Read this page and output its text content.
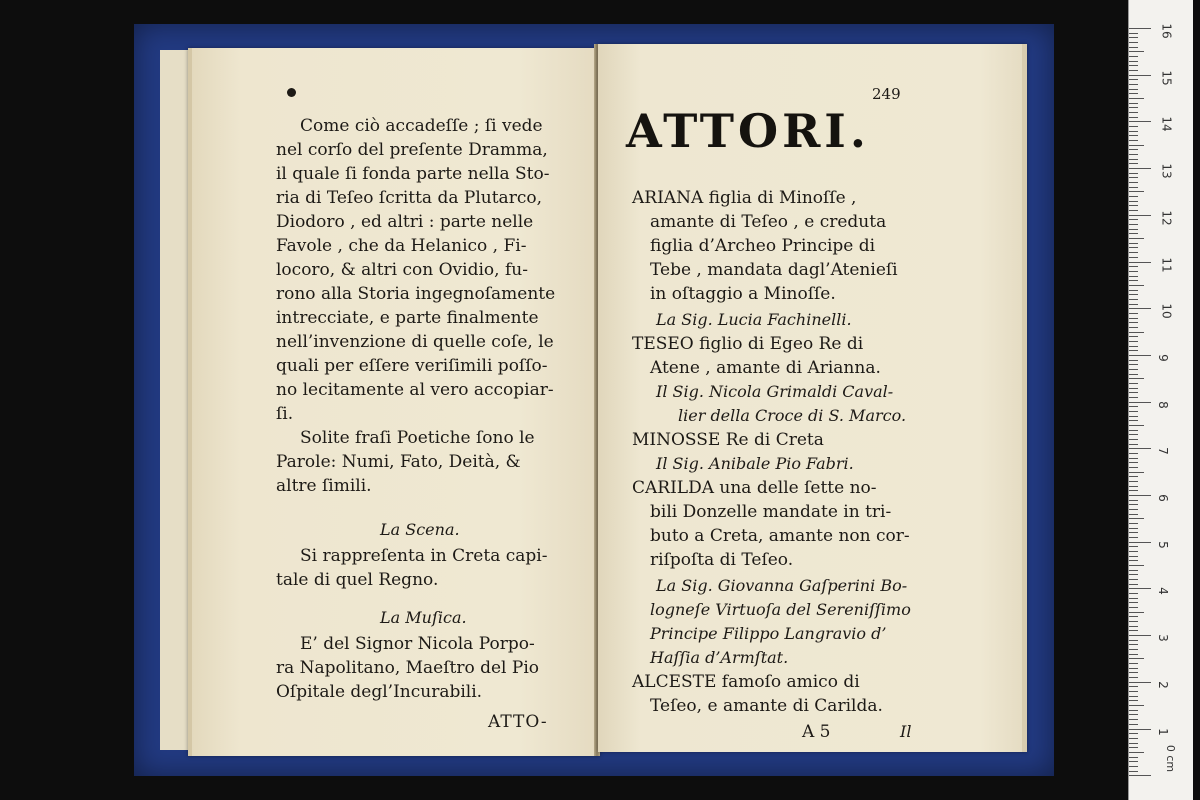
Come ciò accadeſſe ; ſi vede
nel corſo del preſente Dramma,
il quale ſi fonda parte nella Sto-
ria di Teſeo ſcritta da Plutarco,
Diodoro , ed altri : parte nelle
Favole , che da Helanico , Fi-
locoro, & altri con Ovidio, fu-
rono alla Storia ingegnoſamente
intrecciate, e parte finalmente
nell’invenzione di quelle coſe, le
quali per eſſere veriſimili poſſo-
no lecitamente al vero accopiar-
ſi.
Solite fraſi Poetiche ſono le
Parole: Numi, Fato, Deità, &
altre ſimili.
La Scena.
Si rappreſenta in Creta capi-
tale di quel Regno.
La Muſica.
E’ del Signor Nicola Porpo-
ra Napolitano, Maeſtro del Pio
Oſpitale degl’Incurabili.
ATTO-
249
ATTORI.
ARIANA figlia di Minoſſe ,
amante di Teſeo , e creduta
figlia d’Archeo Principe di
Tebe , mandata dagl’Atenieſi
in oſtaggio a Minoſſe.
La Sig. Lucia Fachinelli.
TESEO figlio di Egeo Re di
Atene , amante di Arianna.
Il Sig. Nicola Grimaldi Caval-
lier della Croce di S. Marco.
MINOSSE Re di Creta
Il Sig. Anibale Pio Fabri.
CARILDA una delle ſette no-
bili Donzelle mandate in tri-
buto a Creta, amante non cor-
riſpoſta di Teſeo.
La Sig. Giovanna Gaſperini Bo-
logneſe Virtuoſa del Sereniſſimo
Principe Filippo Langravio d’
Haſſia d’Armſtat.
ALCESTE famoſo amico di
Teſeo, e amante di Carilda.
A 5	Il
16
15
14
13
12
11
10
9
8
7
6
5
4
3
2
1
0 cm
